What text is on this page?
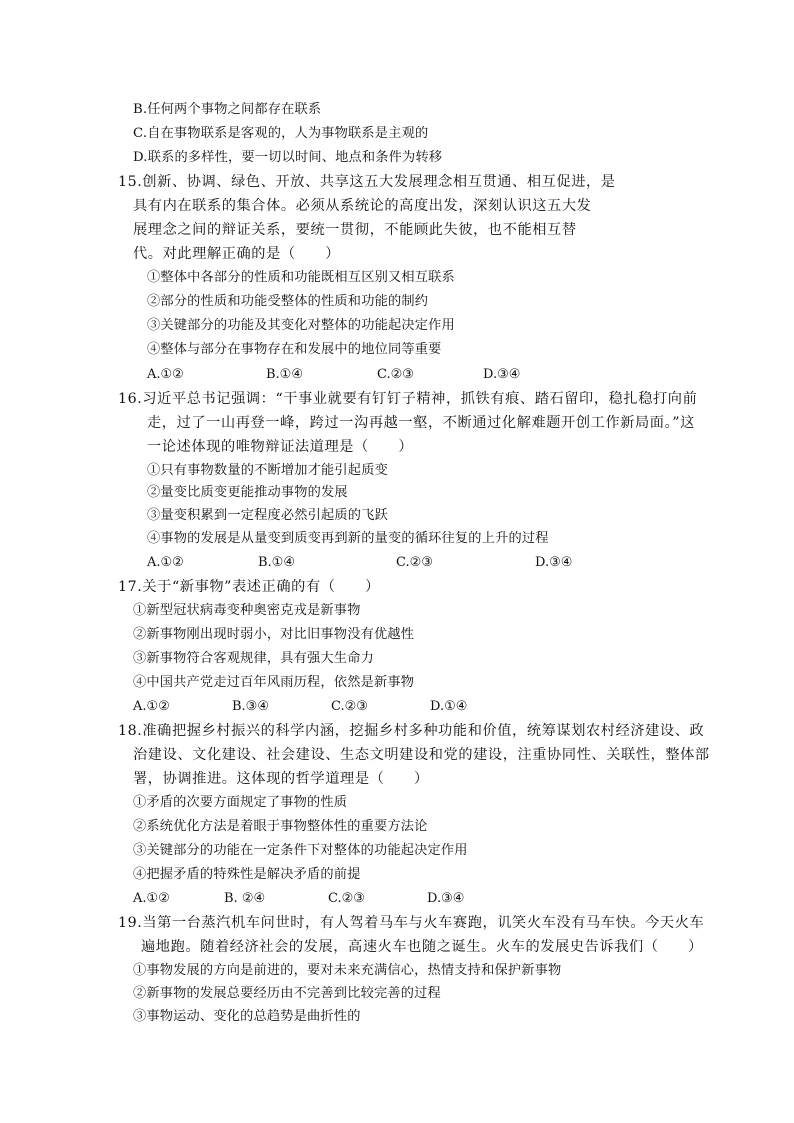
B.任何两个事物之间都存在联系
C.自在事物联系是客观的，人为事物联系是主观的
D.联系的多样性，要一切以时间、地点和条件为转移
15.创新、协调、绿色、开放、共享这五大发展理念相互贯通、相互促进，是
具有内在联系的集合体。必须从系统论的高度出发，深刻认识这五大发
展理念之间的辩证关系，要统一贯彻，不能顾此失彼，也不能相互替
代。对此理解正确的是（　　）
①整体中各部分的性质和功能既相互区别又相互联系
②部分的性质和功能受整体的性质和功能的制约
③关键部分的功能及其变化对整体的功能起决定作用
④整体与部分在事物存在和发展中的地位同等重要
A.①②	B.①④	C.②③	D.③④
16.习近平总书记强调：“干事业就要有钉钉子精神，抓铁有痕、踏石留印，稳扎稳打向前
走，过了一山再登一峰，跨过一沟再越一壑，不断通过化解难题开创工作新局面。”这
一论述体现的唯物辩证法道理是（　　）
①只有事物数量的不断增加才能引起质变
②量变比质变更能推动事物的发展
③量变积累到一定程度必然引起质的飞跃
④事物的发展是从量变到质变再到新的量变的循环往复的上升的过程
A.①②	B.①④	C.②③	D.③④
17.关于“新事物”表述正确的有（　　）
①新型冠状病毒变种奥密克戎是新事物
②新事物刚出现时弱小，对比旧事物没有优越性
③新事物符合客观规律，具有强大生命力
④中国共产党走过百年风雨历程，依然是新事物
A.①②	B.③④	C.②③	D.①④
18.准确把握乡村振兴的科学内涵，挖掘乡村多种功能和价值，统筹谋划农村经济建设、政
治建设、文化建设、社会建设、生态文明建设和党的建设，注重协同性、关联性，整体部
署，协调推进。这体现的哲学道理是（　　）
①矛盾的次要方面规定了事物的性质
②系统优化方法是着眼于事物整体性的重要方法论
③关键部分的功能在一定条件下对整体的功能起决定作用
④把握矛盾的特殊性是解决矛盾的前提
A.①②	B. ②④	C.②③	D.③④
19.当第一台蒸汽机车问世时，有人驾着马车与火车赛跑，讥笑火车没有马车快。今天火车
遍地跑。随着经济社会的发展，高速火车也随之诞生。火车的发展史告诉我们（　　）
①事物发展的方向是前进的，要对未来充满信心，热情支持和保护新事物
②新事物的发展总要经历由不完善到比较完善的过程
③事物运动、变化的总趋势是曲折性的
